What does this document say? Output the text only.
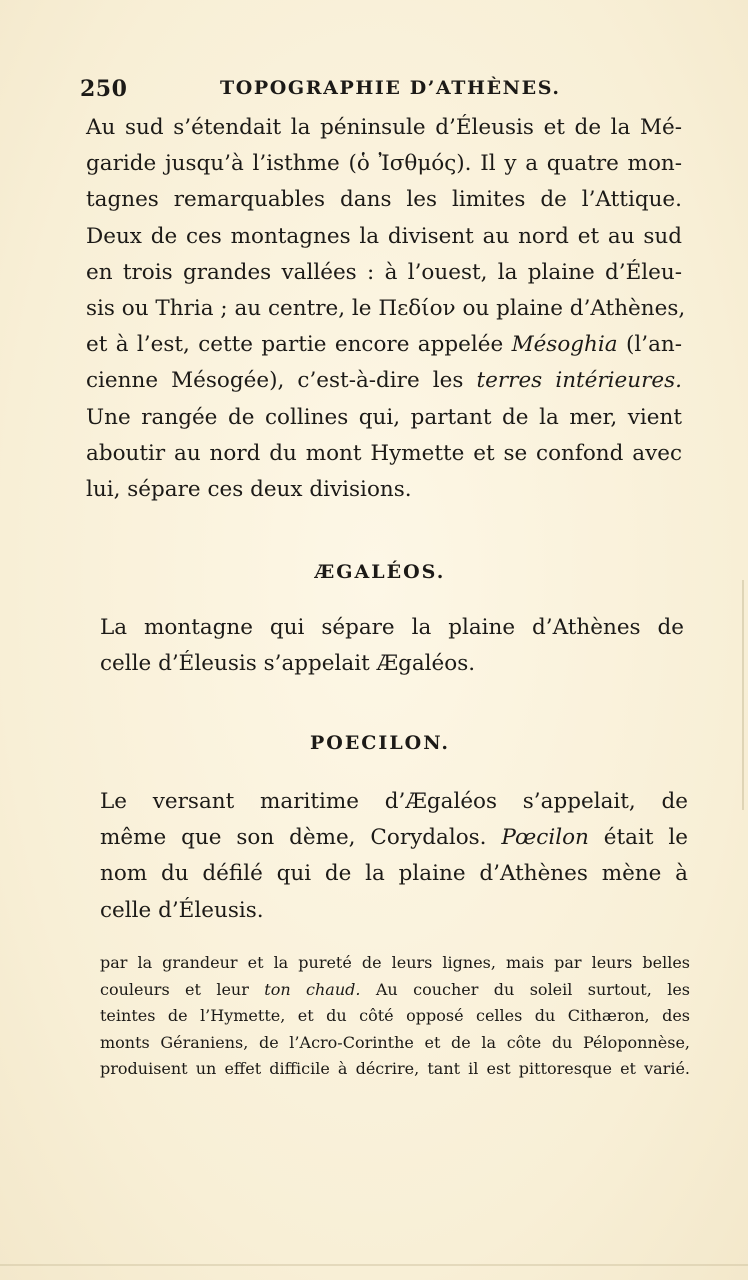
250	TOPOGRAPHIE D’ATHÈNES.
Au sud s’étendait la péninsule d’Éleusis et de la Mé-
garide jusqu’à l’isthme (ὁ Ἰσθμός). Il y a quatre mon-
tagnes remarquables dans les limites de l’Attique.
Deux de ces montagnes la divisent au nord et au sud
en trois grandes vallées : à l’ouest, la plaine d’Éleu-
sis ou Thria ; au centre, le Πεδίον ou plaine d’Athènes,
et à l’est, cette partie encore appelée Mésoghia (l’an-
cienne Mésogée), c’est-à-dire les terres intérieures.
Une rangée de collines qui, partant de la mer, vient
aboutir au nord du mont Hymette et se confond avec
lui, sépare ces deux divisions.
ÆGALÉOS.
La montagne qui sépare la plaine d’Athènes de
celle d’Éleusis s’appelait Ægaléos.
POECILON.
Le versant maritime d’Ægaléos s’appelait, de
même que son dème, Corydalos. Pœcilon était le
nom du défilé qui de la plaine d’Athènes mène à
celle d’Éleusis.
par la grandeur et la pureté de leurs lignes, mais par leurs belles
couleurs et leur ton chaud. Au coucher du soleil surtout, les
teintes de l’Hymette, et du côté opposé celles du Cithæron, des
monts Géraniens, de l’Acro-Corinthe et de la côte du Péloponnèse,
produisent un effet difficile à décrire, tant il est pittoresque et varié.
